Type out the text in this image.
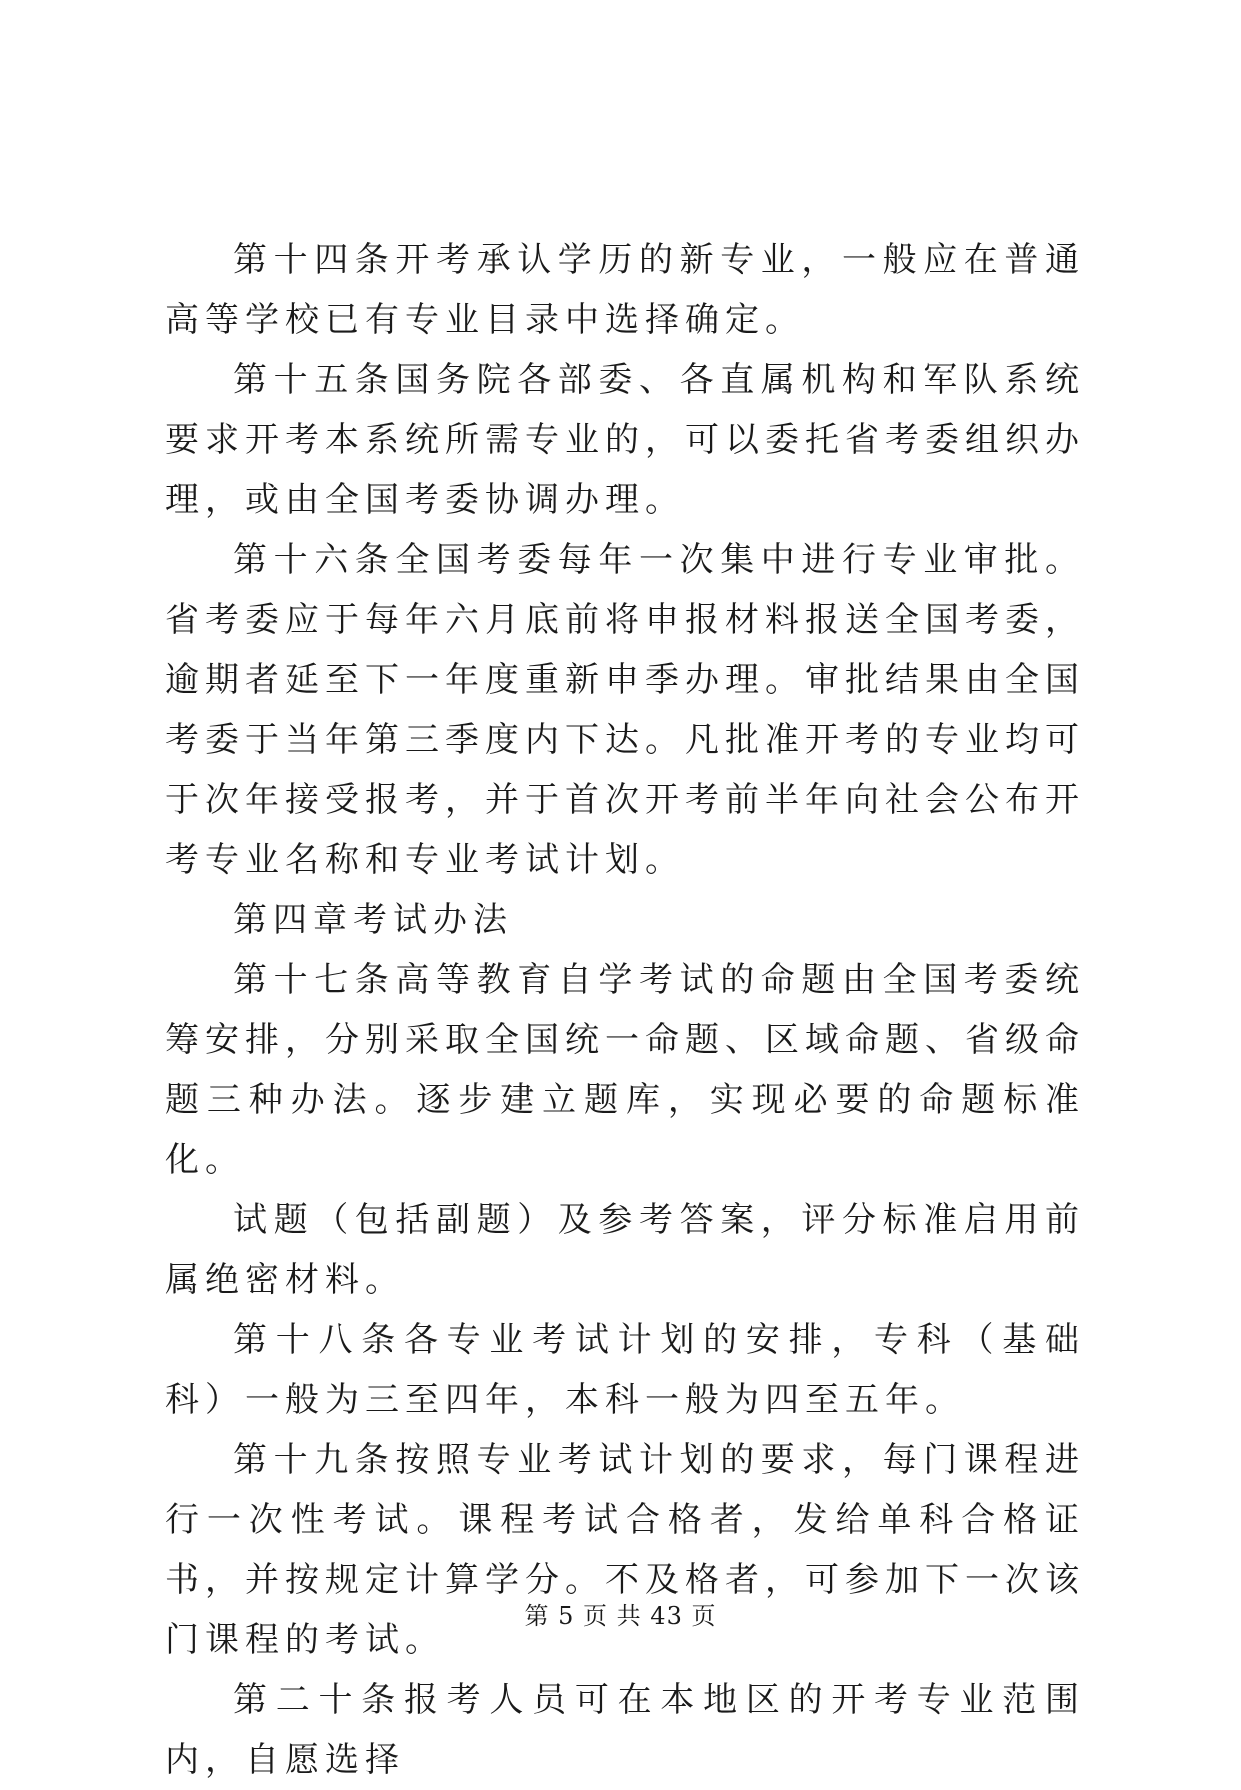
第十四条开考承认学历的新专业，一般应在普通高等学校已有专业目录中选择确定。

第十五条国务院各部委、各直属机构和军队系统要求开考本系统所需专业的，可以委托省考委组织办理，或由全国考委协调办理。

第十六条全国考委每年一次集中进行专业审批。省考委应于每年六月底前将申报材料报送全国考委，逾期者延至下一年度重新申季办理。审批结果由全国考委于当年第三季度内下达。凡批准开考的专业均可于次年接受报考，并于首次开考前半年向社会公布开考专业名称和专业考试计划。

第四章考试办法

第十七条高等教育自学考试的命题由全国考委统筹安排，分别采取全国统一命题、区域命题、省级命题三种办法。逐步建立题库，实现必要的命题标准化。

试题（包括副题）及参考答案，评分标准启用前属绝密材料。

第十八条各专业考试计划的安排，专科（基础科）一般为三至四年，本科一般为四至五年。

第十九条按照专业考试计划的要求，每门课程进行一次性考试。课程考试合格者，发给单科合格证书，并按规定计算学分。不及格者，可参加下一次该门课程的考试。

第二十条报考人员可在本地区的开考专业范围内，自愿选择

第 5 页 共 43 页
